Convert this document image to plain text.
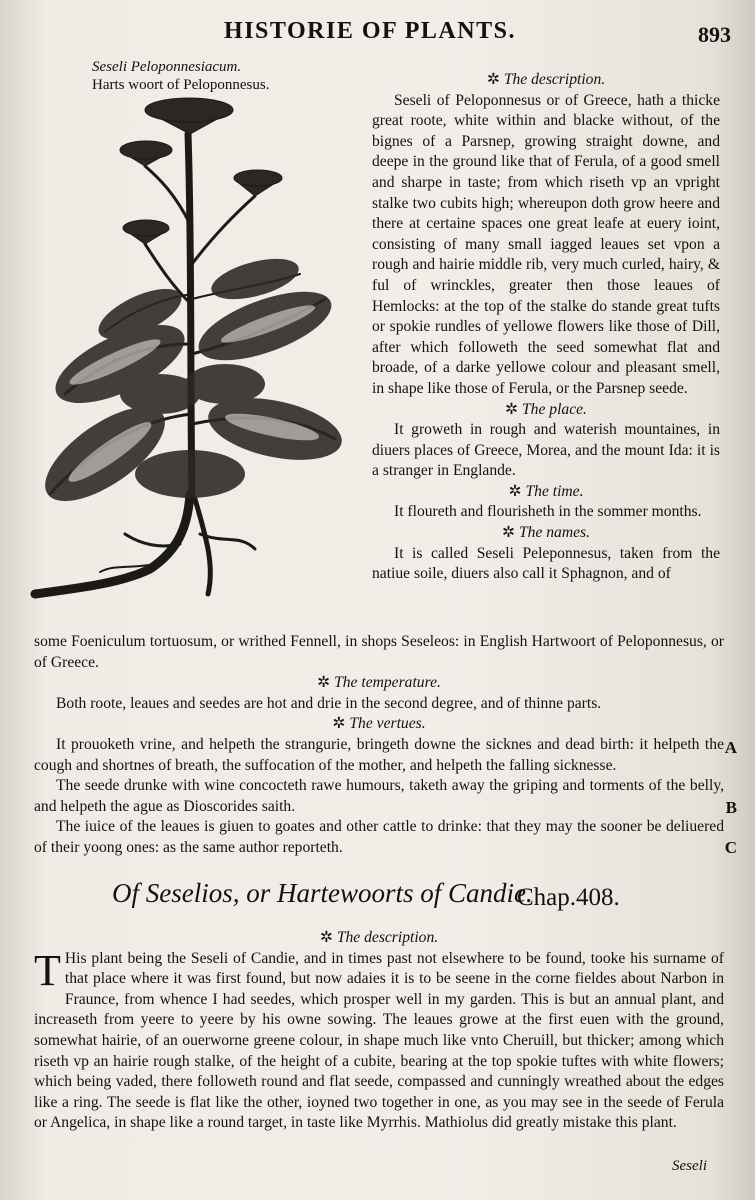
HISTORIE OF PLANTS.	893
Seseli Peloponnesiacum.
Harts woort of Peloponnesus.	✲ The description.

Seseli of Peloponnesus or of Greece, hath a thicke great roote, white within and blacke without, of the bignes of a Parsnep, growing straight downe, and deepe in the ground like that of Ferula, of a good smell and sharpe in taste; from which riseth vp an vpright stalke two cubits high; whereupon doth grow heere and there at certaine spaces one great leafe at euery ioint, consisting of many small iagged leaues set vpon a rough and hairie middle rib, very much curled, hairy, & ful of wrinckles, greater then those leaues of Hemlocks: at the top of the stalke do stande great tufts or spokie rundles of yellowe flowers like those of Dill, after which followeth the seed somewhat flat and broade, of a darke yellowe colour and pleasant smell, in shape like those of Ferula, or the Parsnep seede.

✲ The place.

It groweth in rough and waterish mountaines, in diuers places of Greece, Morea, and the mount Ida: it is a stranger in Englande.

✲ The time.

It floureth and flourisheth in the sommer months.

✲ The names.

It is called Seseli Peleponnesus, taken from the natiue soile, diuers also call it Sphagnon, and of

some Foeniculum tortuosum, or writhed Fennell, in shops Seseleos: in English Hartwoort of Peloponnesus, or of Greece.

✲ The temperature.

Both roote, leaues and seedes are hot and drie in the second degree, and of thinne parts.

✲ The vertues.

It prouoketh vrine, and helpeth the strangurie, bringeth downe the sicknes and dead birth: it helpeth the cough and shortnes of breath, the suffocation of the mother, and helpeth the falling sicknesse.

The seede drunke with wine concocteth rawe humours, taketh away the griping and torments of the belly, and helpeth the ague as Dioscorides saith.

The iuice of the leaues is giuen to goates and other cattle to drinke: that they may the sooner be deliuered of their yoong ones: as the same author reporteth.

A
B
C
Of Seselios, or Hartewoorts of Candie.
Chap.408.
✲ The description.

T His plant being the Seseli of Candie, and in times past not elsewhere to be found, tooke his surname of that place where it was first found, but now adaies it is to be seene in the corne fieldes about Narbon in Fraunce, from whence I had seedes, which prosper well in my garden. This is but an annual plant, and increaseth from yeere to yeere by his owne sowing. The leaues growe at the first euen with the ground, somewhat hairie, of an ouerworne greene colour, in shape much like vnto Cheruill, but thicker; among which riseth vp an hairie rough stalke, of the height of a cubite, bearing at the top spokie tuftes with white flowers; which being vaded, there followeth round and flat seede, compassed and cunningly wreathed about the edges like a ring. The seede is flat like the other, ioyned two together in one, as you may see in the seede of Ferula or Angelica, in shape like a round target, in taste like Myrrhis. Mathiolus did greatly mistake this plant.

Seseli
